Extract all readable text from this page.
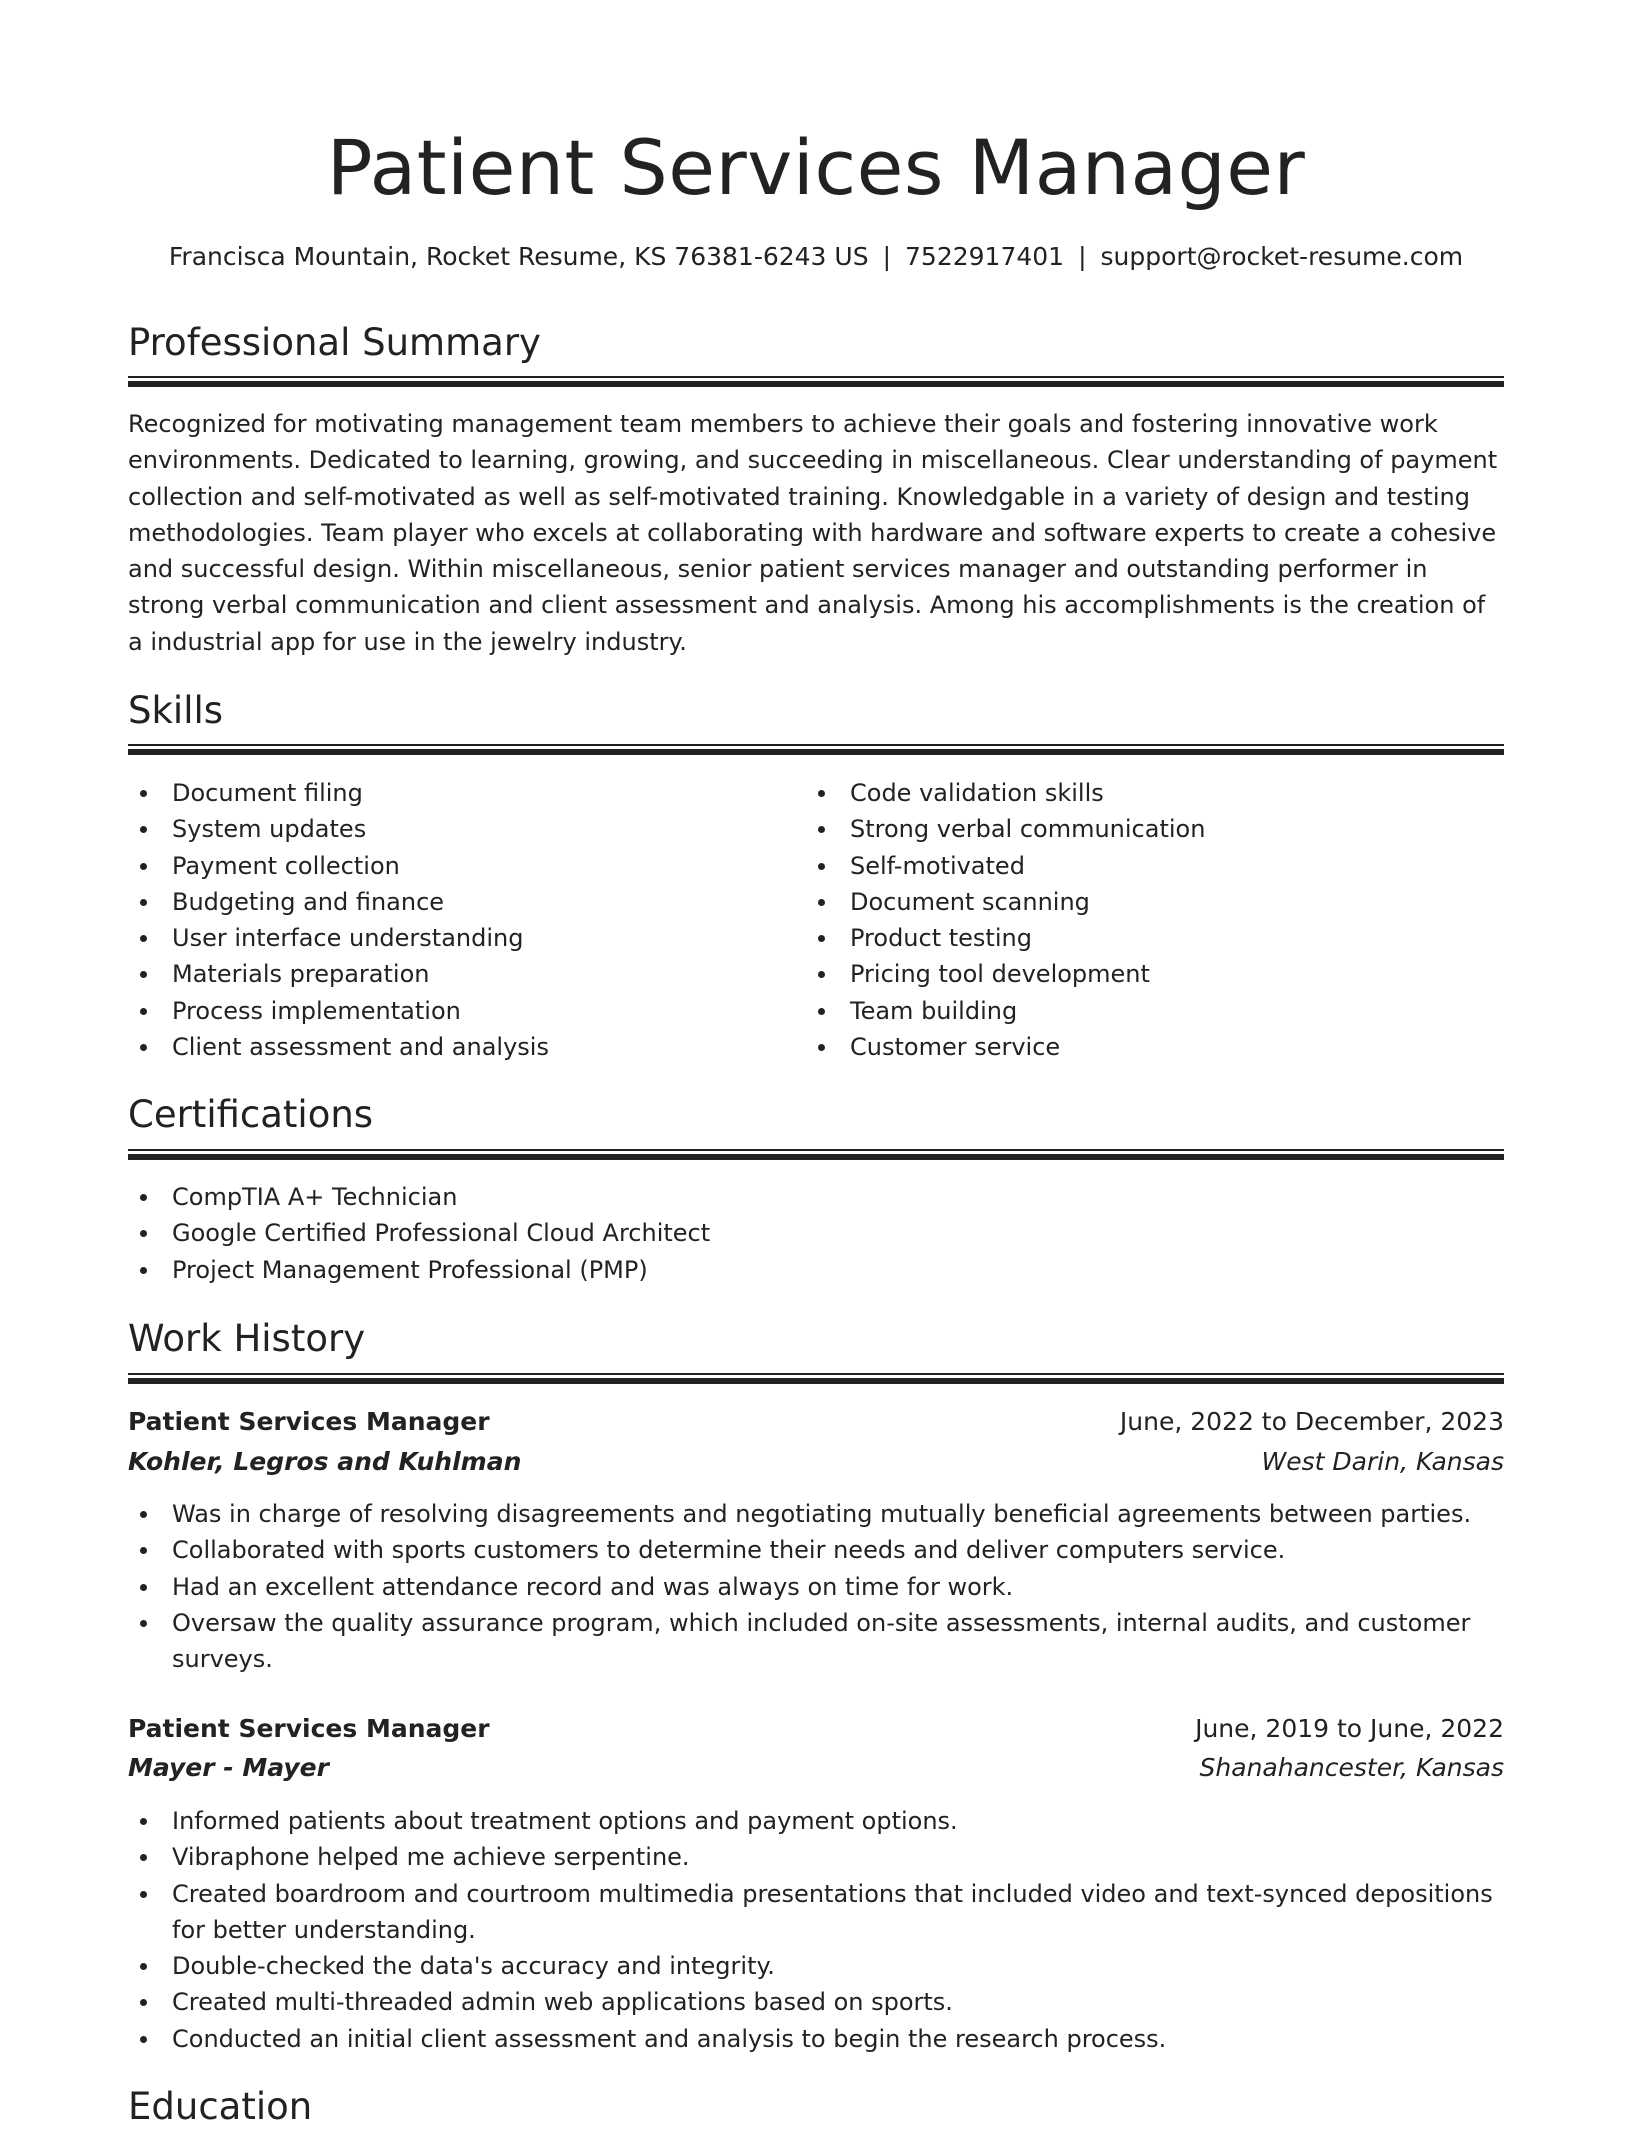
Patient Services Manager
Francisca Mountain, Rocket Resume, KS 76381-6243 US | 7522917401 | support@rocket-resume.com
Professional Summary

Recognized for motivating management team members to achieve their goals and fostering innovative work environments. Dedicated to learning, growing, and succeeding in miscellaneous. Clear understanding of payment collection and self-motivated as well as self-motivated training. Knowledgable in a variety of design and testing methodologies. Team player who excels at collaborating with hardware and software experts to create a cohesive and successful design. Within miscellaneous, senior patient services manager and outstanding performer in strong verbal communication and client assessment and analysis. Among his accomplishments is the creation of a industrial app for use in the jewelry industry.

Skills
Document filing
System updates
Payment collection
Budgeting and finance
User interface understanding
Materials preparation
Process implementation
Client assessment and analysis
Code validation skills
Strong verbal communication
Self-motivated
Document scanning
Product testing
Pricing tool development
Team building
Customer service
Certifications
CompTIA A+ Technician
Google Certified Professional Cloud Architect
Project Management Professional (PMP)
Work History
Patient Services Manager	June, 2022 to December, 2023
Kohler, Legros and Kuhlman	West Darin, Kansas
Was in charge of resolving disagreements and negotiating mutually beneficial agreements between parties.
Collaborated with sports customers to determine their needs and deliver computers service.
Had an excellent attendance record and was always on time for work.
Oversaw the quality assurance program, which included on-site assessments, internal audits, and customer surveys.
Patient Services Manager	June, 2019 to June, 2022
Mayer - Mayer	Shanahancester, Kansas
Informed patients about treatment options and payment options.
Vibraphone helped me achieve serpentine.
Created boardroom and courtroom multimedia presentations that included video and text-synced depositions for better understanding.
Double-checked the data's accuracy and integrity.
Created multi-threaded admin web applications based on sports.
Conducted an initial client assessment and analysis to begin the research process.
Education
